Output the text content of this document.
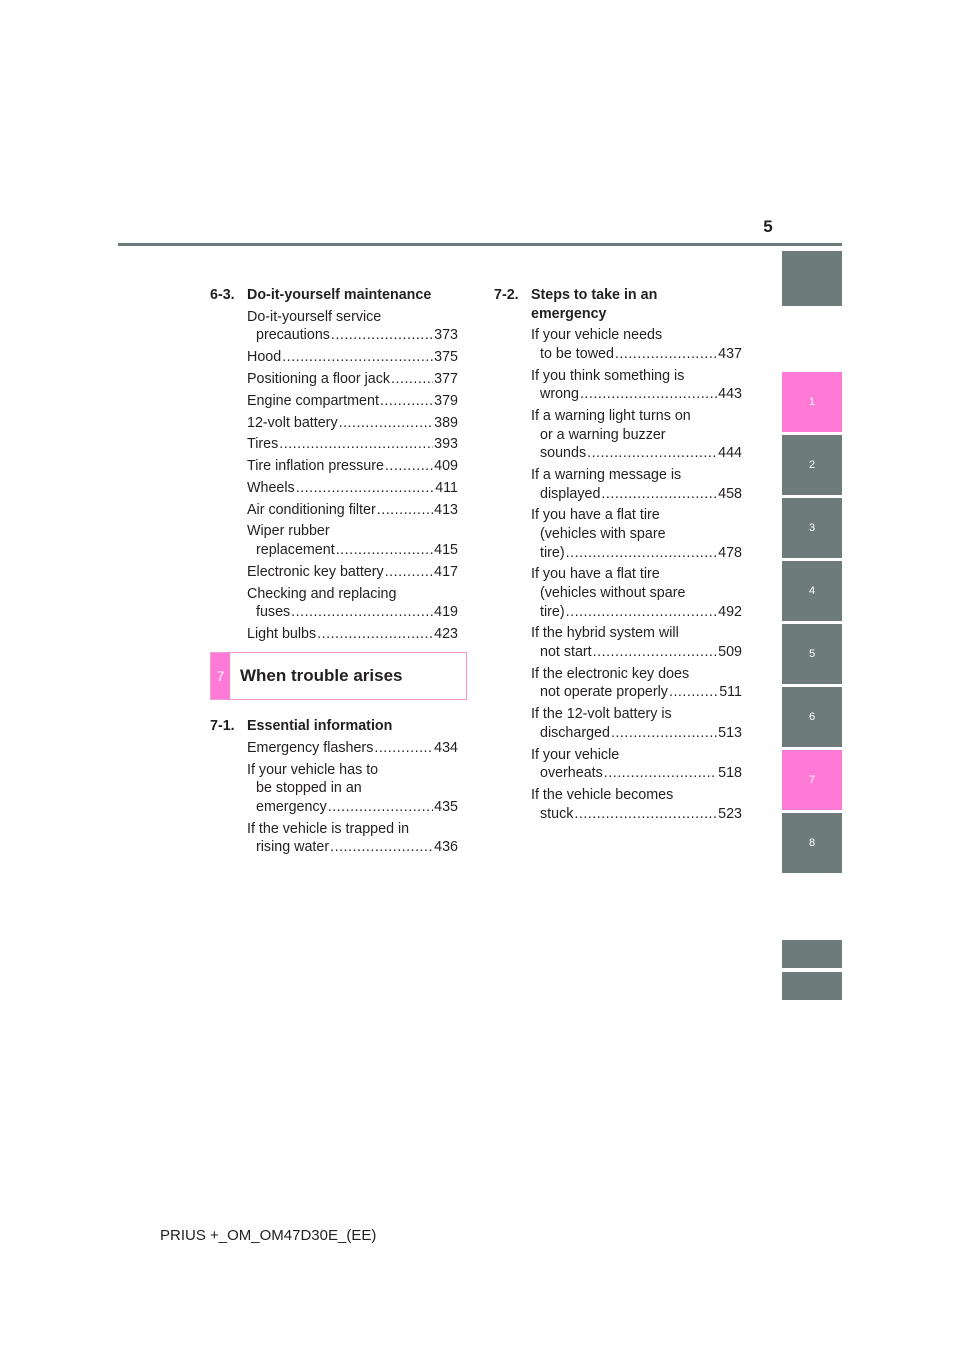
5
1
2
3
4
5
6
7
8
6-3. Do-it-yourself maintenance
Do-it-yourself service
precautions .....	373
Hood .....	375
Positioning a floor jack .....	377
Engine compartment .....	379
12-volt battery .....	389
Tires .....	393
Tire inflation pressure .....	409
Wheels .....	411
Air conditioning filter .....	413
Wiper rubber
replacement .....	415
Electronic key battery .....	417
Checking and replacing
fuses .....	419
Light bulbs .....	423
7 When trouble arises
7-1. Essential information
Emergency flashers .....	434
If your vehicle has to
be stopped in an
emergency .....	435
If the vehicle is trapped in
rising water .....	436
7-2. Steps to take in an
emergency
If your vehicle needs
to be towed .....	437
If you think something is
wrong .....	443
If a warning light turns on
or a warning buzzer
sounds .....	444
If a warning message is
displayed .....	458
If you have a flat tire
(vehicles with spare
tire) .....	478
If you have a flat tire
(vehicles without spare
tire) .....	492
If the hybrid system will
not start .....	509
If the electronic key does
not operate properly .....	511
If the 12-volt battery is
discharged .....	513
If your vehicle
overheats .....	518
If the vehicle becomes
stuck .....	523
PRIUS +_OM_OM47D30E_(EE)
